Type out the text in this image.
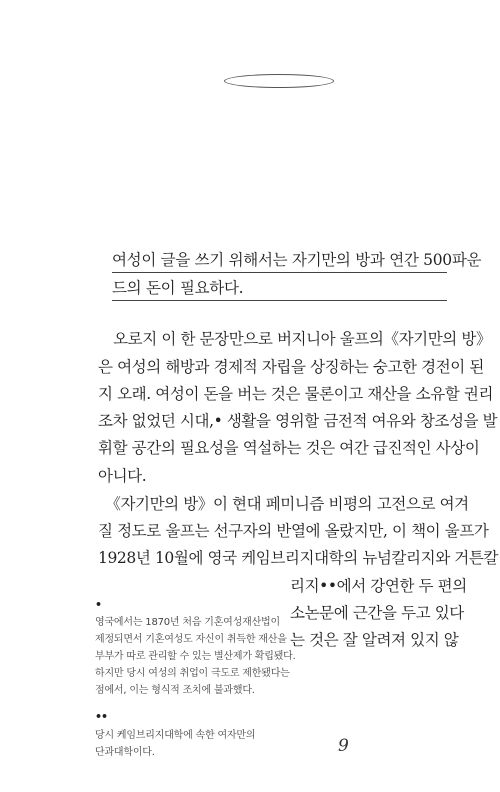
여성이 글을 쓰기 위해서는 자기만의 방과 연간 500파운
드의 돈이 필요하다.
　오로지 이 한 문장만으로 버지니아 울프의《자기만의 방》
은 여성의 해방과 경제적 자립을 상징하는 숭고한 경전이 된
지 오래. 여성이 돈을 버는 것은 물론이고 재산을 소유할 권리
조차 없었던 시대,• 생활을 영위할 금전적 여유와 창조성을 발
휘할 공간의 필요성을 역설하는 것은 여간 급진적인 사상이
아니다.
　《자기만의 방》이 현대 페미니즘 비평의 고전으로 여겨
질 정도로 울프는 선구자의 반열에 올랐지만, 이 책이 울프가
1928년 10월에 영국 케임브리지대학의 뉴넘칼리지와 거튼칼
리지••에서 강연한 두 편의
소논문에 근간을 두고 있다
는 것은 잘 알려져 있지 않
•
영국에서는 1870년 처음 기혼여성재산법이
제정되면서 기혼여성도 자신이 취득한 재산을
부부가 따로 관리할 수 있는 별산제가 확립됐다.
하지만 당시 여성의 취업이 극도로 제한됐다는
점에서, 이는 형식적 조치에 불과했다.
••
당시 케임브리지대학에 속한 여자만의
단과대학이다.	9
